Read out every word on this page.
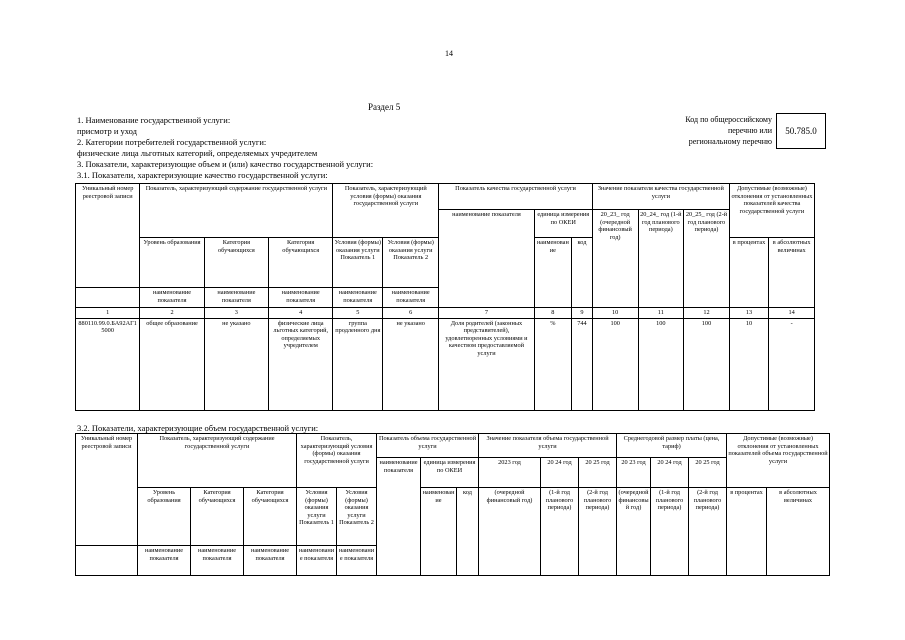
14
Раздел 5
1. Наименование государственной услуги:
присмотр и уход
2. Категории потребителей государственной услуги:
физические лица льготных категорий, определяемых учредителем
3. Показатели, характеризующие объем и (или) качество государственной услуги:
3.1. Показатели, характеризующие качество государственной услуги:
Код по общероссийскому
перечню или
региональному перечню
50.785.0
Уникальный номер реестровой записи	Показатель, характеризующий содержание государственной услуги			Показатель, характеризующий условия (формы) оказания государственной услуги		Показатель качества государственной услуги			Значение показателя качества государственной услуги			Допустимые (возможные) отклонения от установленных показателей качества государственной услуги	
						наименование показателя	единица измерения по ОКЕИ		20_23_ год (очередной финансовый год)	20_24_ год (1-й год планового периода)	20_25_ год (2-й год планового периода)		
	Уровень образования	Категория обучающихся	Категория обучающихся	Условия (формы) оказания услуги Показатель 1	Условия (формы) оказания услуги Показатель 2		наименование	код				в процентах	в абсолютных величинах
	наименование показателя	наименование показателя	наименование показателя	наименование показателя	наименование показателя								
1	2	3	4	5	6	7	8	9	10	11	12	13	14
880110.99.0.БА92АГ15000	общее образование	не указано	физические лица льготных категорий, определяемых учредителем	группа продленного дня	не указано	Доля родителей (законных представителей), удовлетворенных условиями и качеством предоставляемой услуги	%	744	100	100	100	10	-
3.2. Показатели, характеризующие объем государственной услуги:
Уникальный номер реестровой записи	Показатель, характеризующий содержание государственной услуги			Показатель, характеризующий условия (формы) оказания государственной услуги		Показатель объема государственной услуги			Значение показателя объема государственной услуги			Среднегодовой размер платы (цена, тариф)			Допустимые (возможные) отклонения от установленных показателей объема государственной услуги	
						наименование показателя	единица измерения по ОКЕИ		2023 год	20 24 год	20 25 год	20 23 год	20 24 год	20 25 год		
	Уровень образования	Категория обучающихся	Категория обучающихся	Условия (формы) оказания услуги Показатель 1	Условия (формы) оказания услуги Показатель 2		наименование	код	(очередной финансовый год)	(1-й год планового периода)	(2-й год планового периода)	(очередной финансовый год)	(1-й год планового периода)	(2-й год планового периода)	в процентах	в абсолютных величинах
	наименование показателя	наименование показателя	наименование показателя	наименование показателя	наименование показателя											
